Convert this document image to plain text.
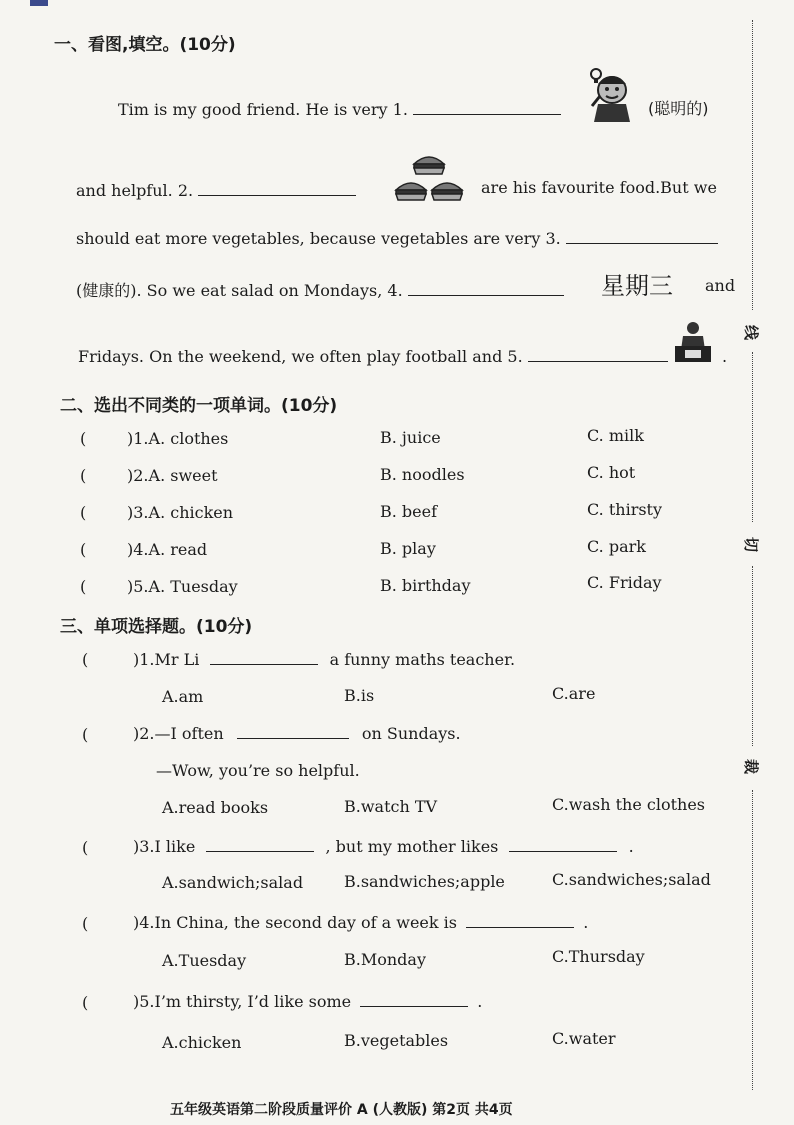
一、看图,填空。(10分)
Tim is my good friend. He is very 1.	(聪明的)
and helpful. 2.	are his favourite food.But we
should eat more vegetables, because vegetables are very 3.
(健康的). So we eat salad on Mondays, 4.	星期三 and
Fridays. On the weekend, we often play football and 5.	.
二、选出不同类的一项单词。(10分)
(	)1.A. clothes	B. juice	C. milk
(	)2.A. sweet	B. noodles	C. hot
(	)3.A. chicken	B. beef	C. thirsty
(	)4.A. read	B. play	C. park
(	)5.A. Tuesday	B. birthday	C. Friday
三、单项选择题。(10分)
(	)1.Mr Li	a funny maths teacher.
A.am	B.is	C.are
(	)2.—I often	on Sundays.
—Wow, you’re so helpful.
A.read books	B.watch TV	C.wash the clothes
(	)3.I like	, but my mother likes	.
A.sandwich;salad	B.sandwiches;apple	C.sandwiches;salad
(	)4.In China, the second day of a week is	.
A.Tuesday	B.Monday	C.Thursday
(	)5.I’m thirsty, I’d like some	.
A.chicken	B.vegetables	C.water
线
切
裁
五年级英语第二阶段质量评价 A (人教版) 第2页 共4页
